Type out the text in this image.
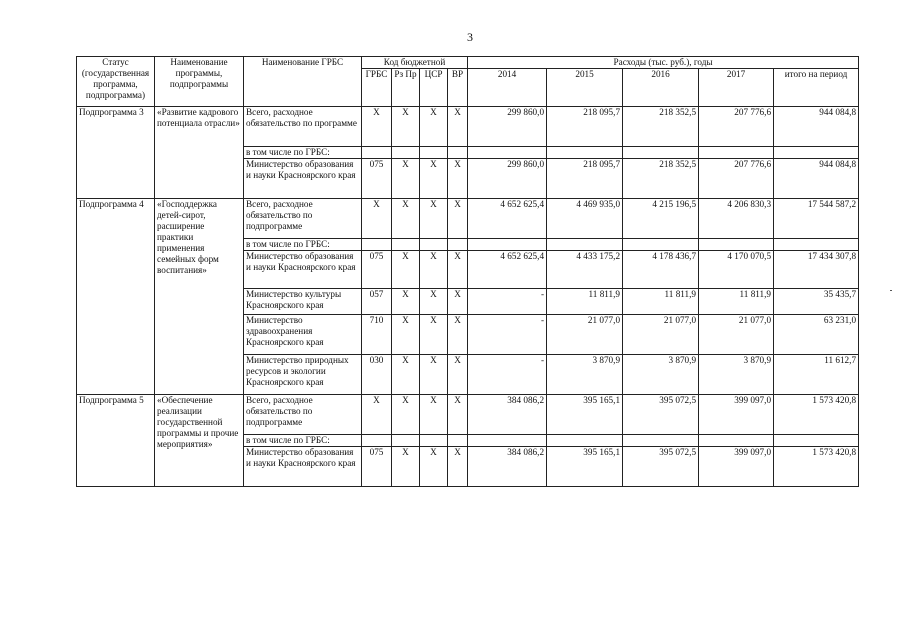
3
Статус (государственная программа, подпрограмма)	Наименование программы, подпрограммы	Наименование ГРБС	Код бюджетной				Расходы (тыс. руб.), годы				
			ГРБС	Рз Пр	ЦСР	ВР	2014	2015	2016	2017	итого на период
Подпрограмма 3	«Развитие кадрового потенциала отрасли»	Всего, расходное обязательство по программе	X	X	X	X	299 860,0	218 095,7	218 352,5	207 776,6	944 084,8
		в том числе по ГРБС:									
		Министерство образования и науки Красноярского края	075	X	X	X	299 860,0	218 095,7	218 352,5	207 776,6	944 084,8
Подпрограмма 4	«Господдержка детей-сирот, расширение практики применения семейных форм воспитания»	Всего, расходное обязательство по подпрограмме	X	X	X	X	4 652 625,4	4 469 935,0	4 215 196,5	4 206 830,3	17 544 587,2
		в том числе по ГРБС:									
		Министерство образования и науки Красноярского края	075	X	X	X	4 652 625,4	4 433 175,2	4 178 436,7	4 170 070,5	17 434 307,8
		Министерство культуры Красноярского края	057	X	X	X	-	11 811,9	11 811,9	11 811,9	35 435,7
		Министерство здравоохранения Красноярского края	710	X	X	X	-	21 077,0	21 077,0	21 077,0	63 231,0
		Министерство природных ресурсов и экологии Красноярского края	030	X	X	X	-	3 870,9	3 870,9	3 870,9	11 612,7
Подпрограмма 5	«Обеспечение реализации государственной программы и прочие мероприятия»	Всего, расходное обязательство по подпрограмме	X	X	X	X	384 086,2	395 165,1	395 072,5	399 097,0	1 573 420,8
		в том числе по ГРБС:									
		Министерство образования и науки Красноярского края	075	X	X	X	384 086,2	395 165,1	395 072,5	399 097,0	1 573 420,8
